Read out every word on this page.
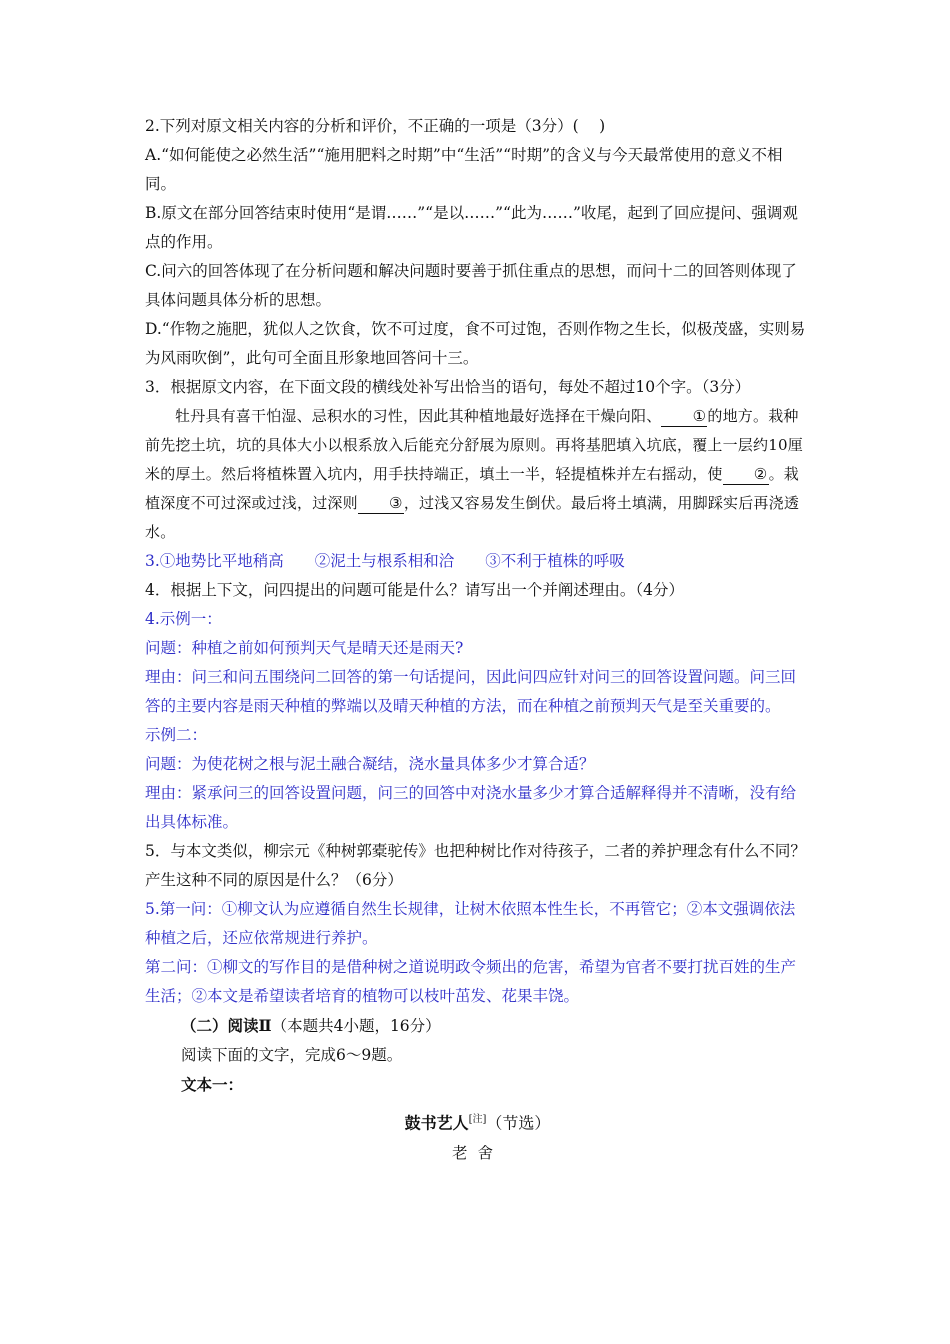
2.下列对原文相关内容的分析和评价，不正确的一项是（3分）(　 )
A.“如何能使之必然生活”“施用肥料之时期”中“生活”“时期”的含义与今天最常使用的意义不相同。
B.原文在部分回答结束时使用“是谓……”“是以……”“此为……”收尾，起到了回应提问、强调观点的作用。
C.问六的回答体现了在分析问题和解决问题时要善于抓住重点的思想，而问十二的回答则体现了具体问题具体分析的思想。
D.“作物之施肥，犹似人之饮食，饮不可过度，食不可过饱，否则作物之生长，似极茂盛，实则易为风雨吹倒”，此句可全面且形象地回答问十三。
3．根据原文内容，在下面文段的横线处补写出恰当的语句，每处不超过10个字。（3分）
牡丹具有喜干怕湿、忌积水的习性，因此其种植地最好选择在干燥向阳、 ①的地方。栽种前先挖土坑，坑的具体大小以根系放入后能充分舒展为原则。再将基肥填入坑底，覆上一层约10厘米的厚土。然后将植株置入坑内，用手扶持端正，填土一半，轻提植株并左右摇动，使 ②。栽植深度不可过深或过浅，过深则 ③，过浅又容易发生倒伏。最后将土填满，用脚踩实后再浇透水。
3.①地势比平地稍高 ②泥土与根系相和洽 ③不利于植株的呼吸
4．根据上下文，问四提出的问题可能是什么？请写出一个并阐述理由。（4分）
4.示例一：
问题：种植之前如何预判天气是晴天还是雨天?
理由：问三和问五围绕问二回答的第一句话提问，因此问四应针对问三的回答设置问题。问三回答的主要内容是雨天种植的弊端以及晴天种植的方法，而在种植之前预判天气是至关重要的。
示例二：
问题：为使花树之根与泥土融合凝结，浇水量具体多少才算合适？
理由：紧承问三的回答设置问题，问三的回答中对浇水量多少才算合适解释得并不清晰，没有给出具体标准。
5．与本文类似，柳宗元《种树郭橐驼传》也把种树比作对待孩子，二者的养护理念有什么不同？产生这种不同的原因是什么？（6分）
5.第一问：①柳文认为应遵循自然生长规律，让树木依照本性生长，不再管它；②本文强调依法种植之后，还应依常规进行养护。
第二问：①柳文的写作目的是借种树之道说明政令频出的危害，希望为官者不要打扰百姓的生产生活；②本文是希望读者培育的植物可以枝叶茁发、花果丰饶。
（二）阅读Ⅱ（本题共4小题，16分）
阅读下面的文字，完成6～9题。
文本一：
鼓书艺人[注]（节选）
老舍
